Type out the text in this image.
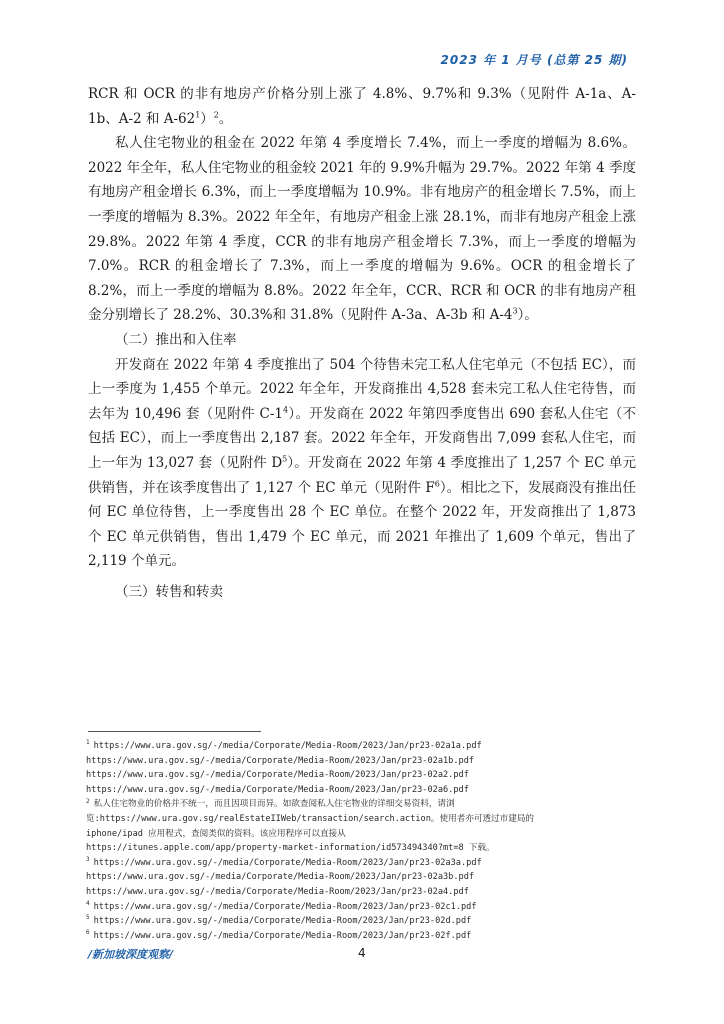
2023 年 1 月号 (总第 25 期)

RCR 和 OCR 的非有地房产价格分别上涨了 4.8%、9.7%和 9.3%（见附件 A-1a、A-1b、A-2 和 A-62$^1$）$^2$。

私人住宅物业的租金在 2022 年第 4 季度增长 7.4%，而上一季度的增幅为 8.6%。2022 年全年，私人住宅物业的租金较 2021 年的 9.9%升幅为 29.7%。2022 年第 4 季度有地房产租金增长 6.3%，而上一季度增幅为 10.9%。非有地房产的租金增长 7.5%，而上一季度的增幅为 8.3%。2022 年全年，有地房产租金上涨 28.1%，而非有地房产租金上涨 29.8%。2022 年第 4 季度，CCR 的非有地房产租金增长 7.3%，而上一季度的增幅为 7.0%。RCR 的租金增长了 7.3%，而上一季度的增幅为 9.6%。OCR 的租金增长了 8.2%，而上一季度的增幅为 8.8%。2022 年全年，CCR、RCR 和 OCR 的非有地房产租金分别增长了 28.2%、30.3%和 31.8%（见附件 A-3a、A-3b 和 A-4$^3$）。

（二）推出和入住率

开发商在 2022 年第 4 季度推出了 504 个待售未完工私人住宅单元（不包括 EC），而上一季度为 1,455 个单元。2022 年全年，开发商推出 4,528 套未完工私人住宅待售，而去年为 10,496 套（见附件 C-1$^4$）。开发商在 2022 年第四季度售出 690 套私人住宅（不包括 EC），而上一季度售出 2,187 套。2022 年全年，开发商售出 7,099 套私人住宅，而上一年为 13,027 套（见附件 D$^5$）。开发商在 2022 年第 4 季度推出了 1,257 个 EC 单元供销售，并在该季度售出了 1,127 个 EC 单元（见附件 F$^6$）。相比之下，发展商没有推出任何 EC 单位待售，上一季度售出 28 个 EC 单位。在整个 2022 年，开发商推出了 1,873 个 EC 单元供销售，售出 1,479 个 EC 单元，而 2021 年推出了 1,609 个单元，售出了 2,119 个单元。

（三）转售和转卖

$^1$ https://www.ura.gov.sg/-/media/Corporate/Media-Room/2023/Jan/pr23-02a1a.pdf
https://www.ura.gov.sg/-/media/Corporate/Media-Room/2023/Jan/pr23-02a1b.pdf
https://www.ura.gov.sg/-/media/Corporate/Media-Room/2023/Jan/pr23-02a2.pdf
https://www.ura.gov.sg/-/media/Corporate/Media-Room/2023/Jan/pr23-02a6.pdf
$^2$ 私人住宅物业的价格并不统一，而且因项目而异。如欲查阅私人住宅物业的详细交易资料，请浏
览:https://www.ura.gov.sg/realEstateIIWeb/transaction/search.action。使用者亦可透过市建局的
iphone/ipad 应用程式，查阅类似的资料。该应用程序可以直接从
https://itunes.apple.com/app/property-market-information/id573494340?mt=8 下载。
$^3$ https://www.ura.gov.sg/-/media/Corporate/Media-Room/2023/Jan/pr23-02a3a.pdf
https://www.ura.gov.sg/-/media/Corporate/Media-Room/2023/Jan/pr23-02a3b.pdf
https://www.ura.gov.sg/-/media/Corporate/Media-Room/2023/Jan/pr23-02a4.pdf
$^4$ https://www.ura.gov.sg/-/media/Corporate/Media-Room/2023/Jan/pr23-02c1.pdf
$^5$ https://www.ura.gov.sg/-/media/Corporate/Media-Room/2023/Jan/pr23-02d.pdf
$^6$ https://www.ura.gov.sg/-/media/Corporate/Media-Room/2023/Jan/pr23-02f.pdf
/新加坡深度观察/	4
